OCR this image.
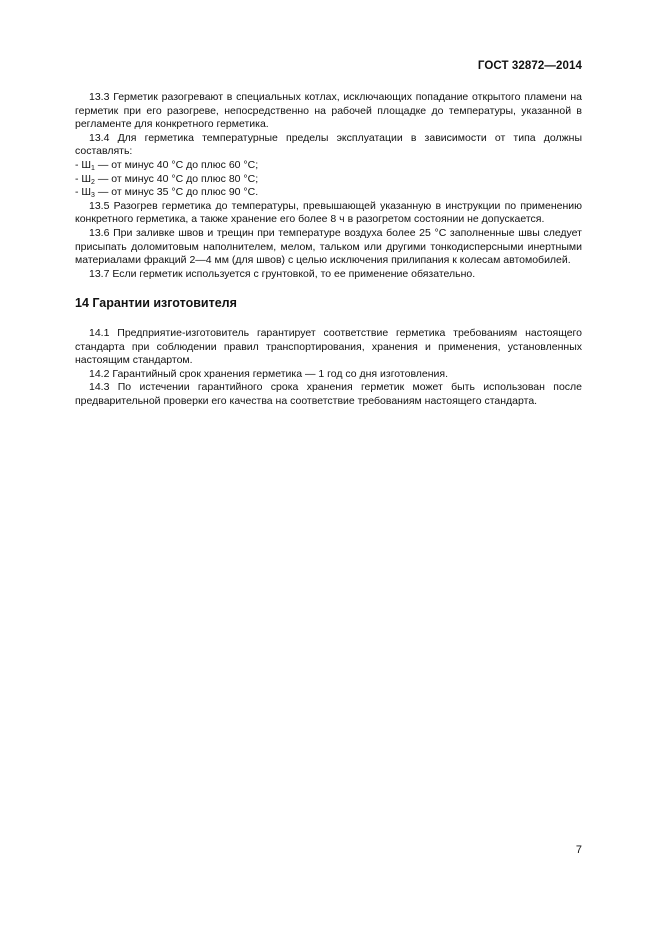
ГОСТ 32872—2014

13.3 Герметик разогревают в специальных котлах, исключающих попадание открытого пламени на герметик при его разогреве, непосредственно на рабочей площадке до температуры, указанной в регламенте для конкретного герметика.

13.4 Для герметика температурные пределы эксплуатации в зависимости от типа должны составлять:

- $Ш_1$ — от минус 40 °С до плюс 60 °С;

- $Ш_2$ — от минус 40 °С до плюс 80 °С;

- $Ш_3$ — от минус 35 °С до плюс 90 °С.

13.5 Разогрев герметика до температуры, превышающей указанную в инструкции по применению конкретного герметика, а также хранение его более 8 ч в разогретом состоянии не допускается.

13.6 При заливке швов и трещин при температуре воздуха более 25 °С заполненные швы следует присыпать доломитовым наполнителем, мелом, тальком или другими тонкодисперсными инертными материалами фракций 2—4 мм (для швов) с целью исключения прилипания к колесам автомобилей.

13.7 Если герметик используется с грунтовкой, то ее применение обязательно.

14 Гарантии изготовителя

14.1 Предприятие-изготовитель гарантирует соответствие герметика требованиям настоящего стандарта при соблюдении правил транспортирования, хранения и применения, установленных настоящим стандартом.

14.2 Гарантийный срок хранения герметика — 1 год со дня изготовления.

14.3 По истечении гарантийного срока хранения герметик может быть использован после предварительной проверки его качества на соответствие требованиям настоящего стандарта.

7
